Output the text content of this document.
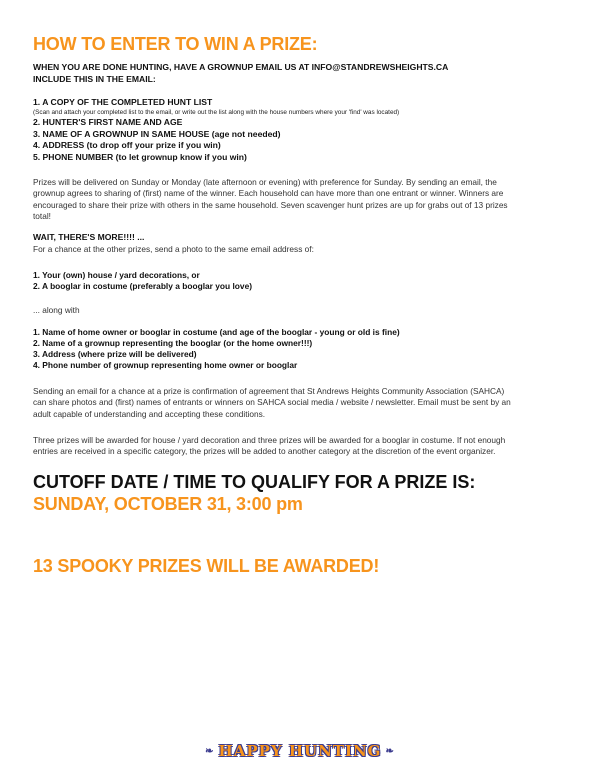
HOW TO ENTER TO WIN A PRIZE:
WHEN YOU ARE DONE HUNTING, HAVE A GROWNUP EMAIL US AT INFO@STANDREWSHEIGHTS.CA
INCLUDE THIS IN THE EMAIL:
1. A COPY OF THE COMPLETED HUNT LIST
(Scan and attach your completed list to the email, or write out the list along with the house numbers where your 'find' was located)
2. HUNTER'S FIRST NAME AND AGE
3. NAME OF A GROWNUP IN SAME HOUSE (age not needed)
4. ADDRESS (to drop off your prize if you win)
5. PHONE NUMBER (to let grownup know if you win)
Prizes will be delivered on Sunday or Monday (late afternoon or evening) with preference for Sunday. By sending an email, the
grownup agrees to sharing of (first) name of the winner. Each household can have more than one entrant or winner. Winners are
encouraged to share their prize with others in the same household. Seven scavenger hunt prizes are up for grabs out of 13 prizes
total!
WAIT, THERE'S MORE!!!! ...
For a chance at the other prizes, send a photo to the same email address of:
1. Your (own) house / yard decorations, or
2. A booglar in costume (preferably a booglar you love)
... along with
1. Name of home owner or booglar in costume (and age of the booglar - young or old is fine)
2. Name of a grownup representing the booglar (or the home owner!!!)
3. Address (where prize will be delivered)
4. Phone number of grownup representing home owner or booglar
Sending an email for a chance at a prize is confirmation of agreement that St Andrews Heights Community Association (SAHCA)
can share photos and (first) names of entrants or winners on SAHCA social media / website / newsletter. Email must be sent by an
adult capable of understanding and accepting these conditions.
Three prizes will be awarded for house / yard decoration and three prizes will be awarded for a booglar in costume. If not enough
entries are received in a specific category, the prizes will be added to another category at the discretion of the event organizer.
CUTOFF DATE / TIME TO QUALIFY FOR A PRIZE IS:
SUNDAY, OCTOBER 31, 3:00 pm
13 SPOOKY PRIZES WILL BE AWARDED!
❧ HAPPY HUNTING ❧
